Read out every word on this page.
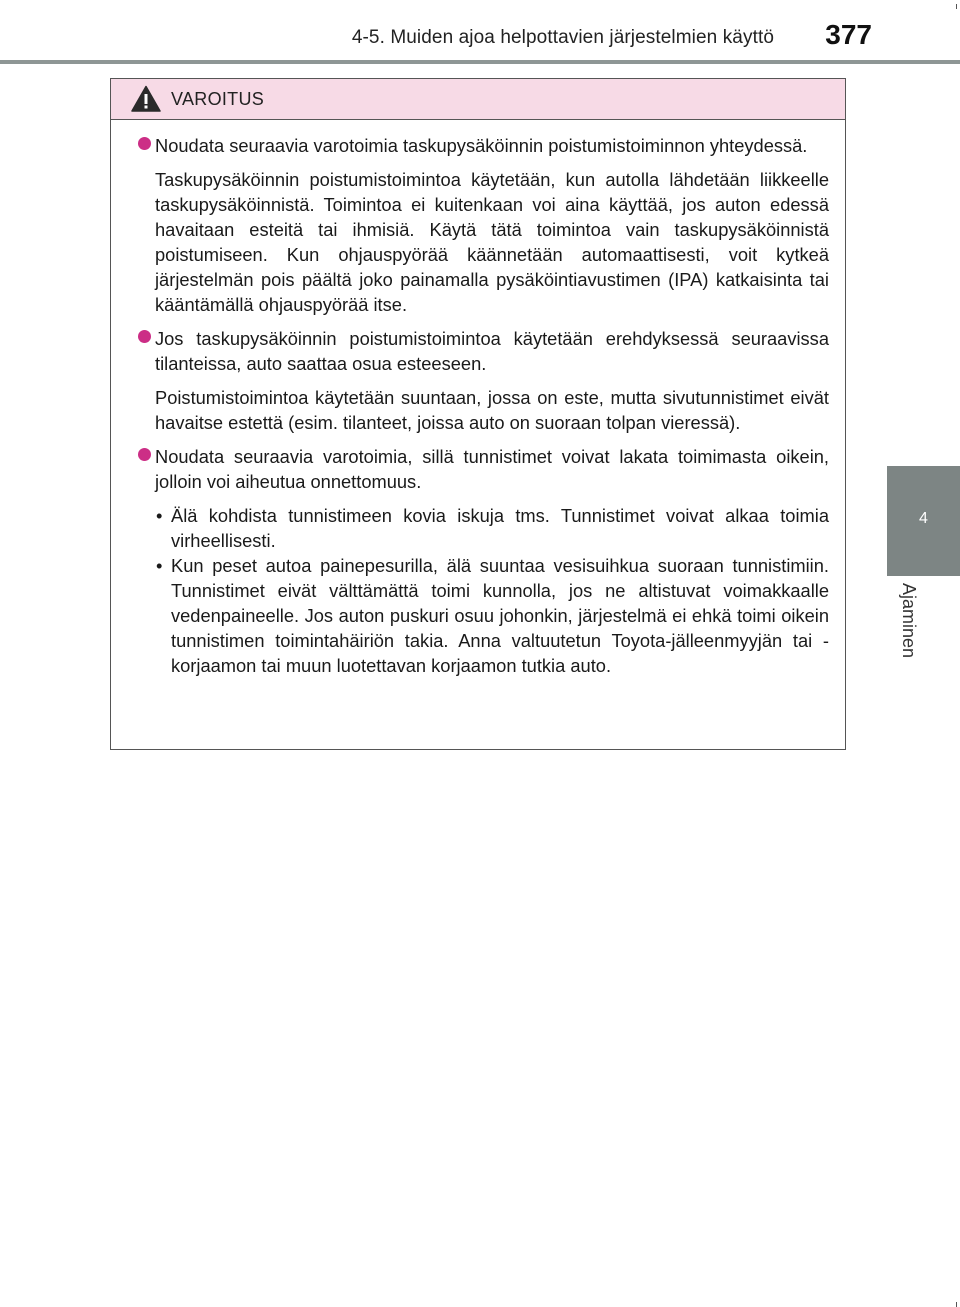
4-5. Muiden ajoa helpottavien järjestelmien käyttö 377
4
Ajaminen
VAROITUS
Noudata seuraavia varotoimia taskupysäköinnin poistumistoiminnon yhteydessä.
Taskupysäköinnin poistumistoimintoa käytetään, kun autolla lähdetään liikkeelle taskupysäköinnistä. Toimintoa ei kuitenkaan voi aina käyttää, jos auton edessä havaitaan esteitä tai ihmisiä. Käytä tätä toimintoa vain taskupysäköinnistä poistumiseen. Kun ohjauspyörää käännetään automaattisesti, voit kytkeä järjestelmän pois päältä joko painamalla pysäköintiavustimen (IPA) katkaisinta tai kääntämällä ohjauspyörää itse.
Jos taskupysäköinnin poistumistoimintoa käytetään erehdyksessä seuraavissa tilanteissa, auto saattaa osua esteeseen.
Poistumistoimintoa käytetään suuntaan, jossa on este, mutta sivutunnistimet eivät havaitse estettä (esim. tilanteet, joissa auto on suoraan tolpan vieressä).
Noudata seuraavia varotoimia, sillä tunnistimet voivat lakata toimimasta oikein, jolloin voi aiheutua onnettomuus.
• Älä kohdista tunnistimeen kovia iskuja tms. Tunnistimet voivat alkaa toimia virheellisesti.
• Kun peset autoa painepesurilla, älä suuntaa vesisuihkua suoraan tunnistimiin. Tunnistimet eivät välttämättä toimi kunnolla, jos ne altistuvat voimakkaalle vedenpaineelle. Jos auton puskuri osuu johonkin, järjestelmä ei ehkä toimi oikein tunnistimen toimintahäiriön takia. Anna valtuutetun Toyota-jälleenmyyjän tai -korjaamon tai muun luotettavan korjaamon tutkia auto.
